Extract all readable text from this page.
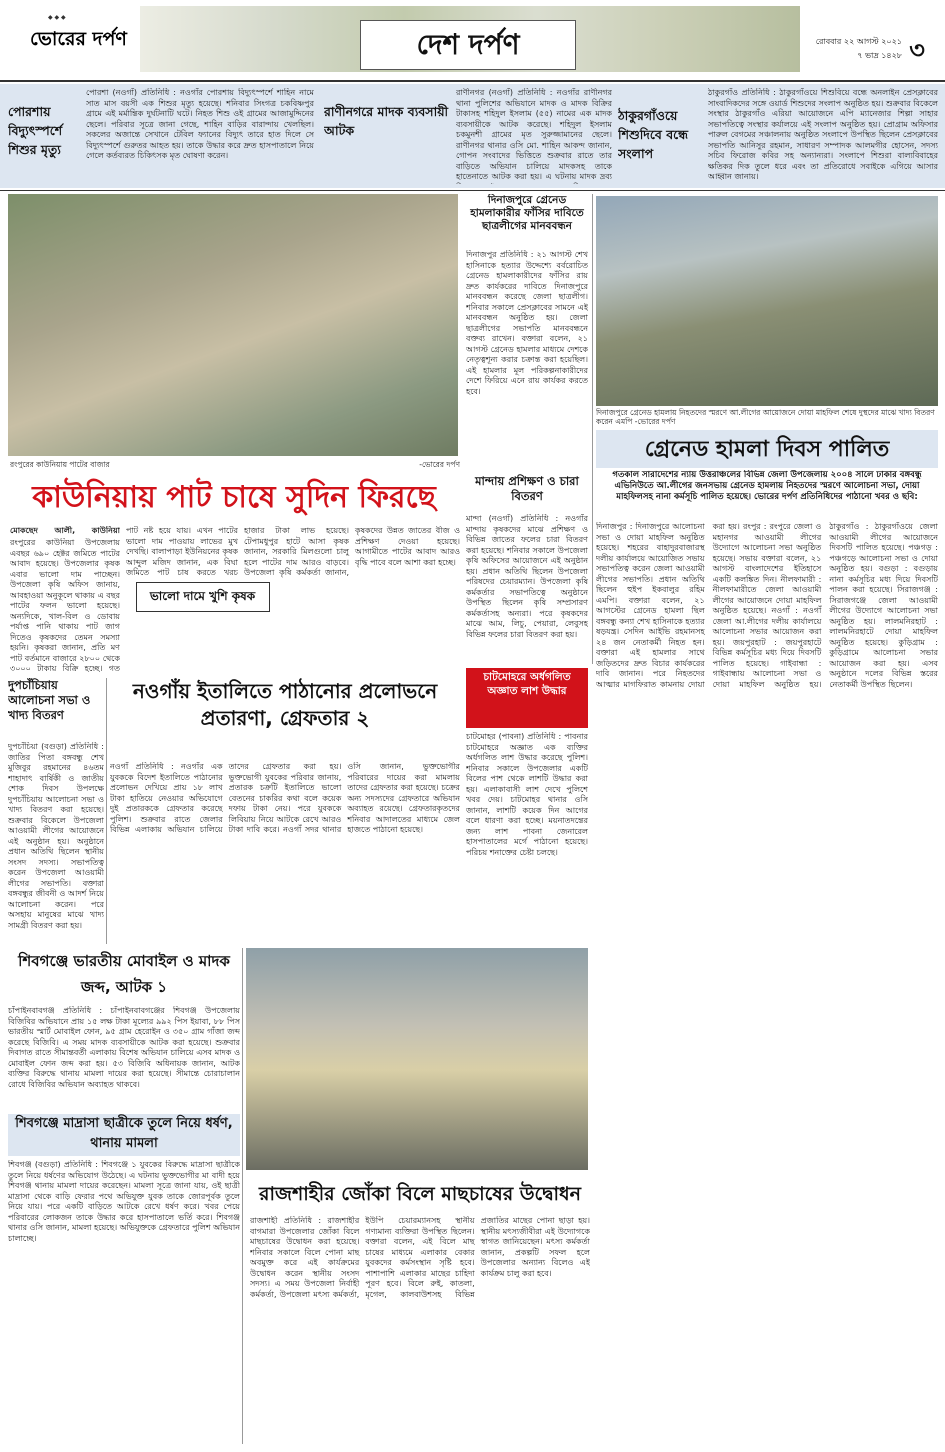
◆ ◆ ◆
ভোরের দর্পণ	দেশ দর্পণ	রোববার ২২ আগস্ট ২০২১
৭ ভাদ্র ১৪২৮ ৩
পোরশায় বিদ্যুৎস্পর্শে শিশুর মৃত্যু
পোরশা (নওগাঁ) প্রতিনিধি : নওগাঁর পোরশায় বিদ্যুৎস্পর্শে শাহিন নামে সাত মাস বয়সী এক শিশুর মৃত্যু হয়েছে। শনিবার সিংগত্র চকবিষ্ণপুর গ্রামে এই মর্মান্তিক দুর্ঘটনাটি ঘটে। নিহত শিশু ওই গ্রামের আজামুদ্দিনের ছেলে। পরিবার সূত্রে জানা গেছে, শাহিন বাড়ির বারান্দায় খেলছিল। সকলের অজান্তে সেখানে টেবিল ফ্যানের বিদ্যুৎ তারে হাত দিলে সে বিদ্যুৎস্পর্শে গুরুতর আহত হয়। তাকে উদ্ধার করে দ্রুত হাসপাতালে নিয়ে গেলে কর্তব্যরত চিকিৎসক মৃত ঘোষণা করেন।
রাণীনগরে মাদক ব্যবসায়ী আটক
রাণীনগর (নওগাঁ) প্রতিনিধি : নওগাঁর রাণীনগর থানা পুলিশের অভিযানে মাদক ও মাদক বিক্রির টাকাসহ শহিদুল ইসলাম (৫৫) নামের এক মাদক ব্যবসায়ীকে আটক করেছে। শহিদুল ইসলাম চকমুনশী গ্রামের মৃত সুরুজ্জামানের ছেলে। রাণীনগর থানার ওসি মো. শাহিন আকন্দ জানান, গোপন সংবাদের ভিত্তিতে শুক্রবার রাতে তার বাড়িতে অভিযান চালিয়ে মাদকসহ তাকে হাতেনাতে আটক করা হয়। এ ঘটনায় মাদক দ্রব্য
ঠাকুরগাঁওয়ে শিশুদিবে বন্ধে সংলাপ
ঠাকুরগাঁও প্রতিনিধি : ঠাকুরগাঁওয়ে শিশুবিয়ে বন্ধে অনলাইন প্রেসক্লাবের সাংবাদিকদের সঙ্গে ওয়ার্ড শিশুদের সংলাপ অনুষ্ঠিত হয়। শুক্রবার বিকেলে সংস্থার ঠাকুরগাঁও এরিয়া আয়োজনে এপি ম্যানেজার শিল্পা সাহার সভাপতিত্বে সংস্থার কর্যালয়ে এই সংলাপ অনুষ্ঠিত হয়। প্রোগ্রাম অফিসার পারুল বেগমের সঞ্চালনায় অনুষ্ঠিত সংলাপে উপস্থিত ছিলেন প্রেসক্লাবের সভাপতি আনিসুর রহমান, সাধারণ সম্পাদক আলমগীর হোসেন, সদস্য সচিব ফিরোজ কবির সহ অন্যান্যরা। সংলাপে শিশুরা বাল্যবিবাহের ক্ষতিকর দিক তুলে ধরে এবং তা প্রতিরোধে সবাইকে এগিয়ে আসার আহ্বান জানায়।
রংপুরের কাউনিয়ায় পাটের বাজার	-ভোরের দর্পণ
দিনাজপুরে গ্রেনেড হামলাকারীর ফাঁসির দাবিতে ছাত্রলীগের মানববন্ধন
দিনাজপুর প্রতিনিধি : ২১ আগস্ট শেখ হাসিনাকে হত্যার উদ্দেশ্যে বর্বরোচিত গ্রেনেড হামলাকারীদের ফাঁসির রায় দ্রুত কার্যকরের দাবিতে দিনাজপুরে মানববন্ধন করেছে জেলা ছাত্রলীগ। শনিবার সকালে প্রেসক্লাবের সামনে এই মানববন্ধন অনুষ্ঠিত হয়। জেলা ছাত্রলীগের সভাপতি মানববন্ধনে বক্তব্য রাখেন। বক্তারা বলেন, ২১ আগস্ট গ্রেনেড হামলার মাধ্যমে দেশকে নেতৃত্বশূন্য করার চক্রান্ত করা হয়েছিল। এই হামলার মূল পরিকল্পনাকারীদের দেশে ফিরিয়ে এনে রায় কার্যকর করতে হবে।
দিনাজপুরে গ্রেনেড হামলায় নিহতদের স্মরণে আ.লীগের আয়োজনে দোয়া মাহফিল শেষে দুস্থদের মাঝে খাদ্য বিতরণ করেন এমপি -ভোরের দর্পণ
গ্রেনেড হামলা দিবস পালিত
গতকাল সারাদেশের ন্যায় উত্তরাঞ্চলের বিভিন্ন জেলা উপজেলায় ২০০৪ সালে ঢাকার বঙ্গবন্ধু এভিনিউতে আ.লীগের জনসভায় গ্রেনেড হামলায় নিহতদের স্মরণে আলোচনা সভা, দোয়া মাহফিলসহ নানা কর্মসূচি পালিত হয়েছে। ভোরের দর্পণ প্রতিনিধিদের পাঠানো খবর ও ছবি:
দিনাজপুর : দিনাজপুরে আলোচনা সভা ও দোয়া মাহফিল অনুষ্ঠিত হয়েছে। শহরের বাহাদুরবাজারস্থ দলীয় কার্যালয়ে আয়োজিত সভায় সভাপতিত্ব করেন জেলা আওয়ামী লীগের সভাপতি। প্রধান অতিথি ছিলেন হুইপ ইকবালুর রহিম এমপি। বক্তারা বলেন, ২১ আগস্টের গ্রেনেড হামলা ছিল বঙ্গবন্ধু কন্যা শেখ হাসিনাকে হত্যার ষড়যন্ত্র। সেদিন আইভি রহমানসহ ২৪ জন নেতাকর্মী নিহত হন। বক্তারা এই হামলার সাথে জড়িতদের দ্রুত বিচার কার্যকরের দাবি জানান। পরে নিহতদের আত্মার মাগফিরাত কামনায় দোয়া করা হয়। রংপুর : রংপুরে জেলা ও মহানগর আওয়ামী লীগের উদ্যোগে আলোচনা সভা অনুষ্ঠিত হয়েছে। সভায় বক্তারা বলেন, ২১ আগস্ট বাংলাদেশের ইতিহাসে একটি কলঙ্কিত দিন। নীলফামারী : নীলফামারীতে জেলা আওয়ামী লীগের আয়োজনে দোয়া মাহফিল অনুষ্ঠিত হয়েছে। নওগাঁ : নওগাঁ জেলা আ.লীগের দলীয় কার্যালয়ে আলোচনা সভার আয়োজন করা হয়। জয়পুরহাট : জয়পুরহাটে বিভিন্ন কর্মসূচির মধ্য দিয়ে দিবসটি পালিত হয়েছে। গাইবান্ধা : গাইবান্ধায় আলোচনা সভা ও দোয়া মাহফিল অনুষ্ঠিত হয়। ঠাকুরগাঁও : ঠাকুরগাঁওয়ে জেলা আওয়ামী লীগের আয়োজনে দিবসটি পালিত হয়েছে। পঞ্চগড় : পঞ্চগড়ে আলোচনা সভা ও দোয়া অনুষ্ঠিত হয়। বগুড়া : বগুড়ায় নানা কর্মসূচির মধ্য দিয়ে দিবসটি পালন করা হয়েছে। সিরাজগঞ্জ : সিরাজগঞ্জে জেলা আওয়ামী লীগের উদ্যোগে আলোচনা সভা অনুষ্ঠিত হয়। লালমনিরহাট : লালমনিরহাটে দোয়া মাহফিল অনুষ্ঠিত হয়েছে। কুড়িগ্রাম : কুড়িগ্রামে আলোচনা সভার আয়োজন করা হয়। এসব অনুষ্ঠানে দলের বিভিন্ন স্তরের নেতাকর্মী উপস্থিত ছিলেন।
কাউনিয়ায় পাট চাষে সুদিন ফিরছে	মান্দায় প্রশিক্ষণ ও চারা বিতরণ
মান্দা (নওগাঁ) প্রতিনিধি : নওগাঁর মান্দায় কৃষকদের মাঝে প্রশিক্ষণ ও বিভিন্ন জাতের ফলের চারা বিতরণ করা হয়েছে। শনিবার সকালে উপজেলা কৃষি অফিসের আয়োজনে এই অনুষ্ঠান হয়। প্রধান অতিথি ছিলেন উপজেলা পরিষদের চেয়ারম্যান। উপজেলা কৃষি কর্মকর্তার সভাপতিত্বে অনুষ্ঠানে উপস্থিত ছিলেন কৃষি সম্প্রসারণ কর্মকর্তাসহ অন্যরা। পরে কৃষকদের মাঝে আম, লিচু, পেয়ারা, লেবুসহ বিভিন্ন ফলের চারা বিতরণ করা হয়।
মোকছেদ আলী, কাউনিয়া
রংপুরের কাউনিয়া উপজেলায় এবছর ৬৯০ হেক্টর জমিতে পাটের আবাদ হয়েছে। উপজেলার কৃষক এবার ভালো দাম পাচ্ছেন। উপজেলা কৃষি অফিস জানায়, আবহাওয়া অনুকূলে থাকায় এ বছর পাটের ফলন ভালো হয়েছে। অন্যদিকে, খাল-বিল ও ডোবায় পর্যাপ্ত পানি থাকায় পাট জাগ দিতেও কৃষকদের তেমন সমস্যা হয়নি। কৃষকরা জানান, প্রতি মণ পাট বর্তমানে বাজারে ২৮০০ থেকে ৩০০০ টাকায় বিক্রি হচ্ছে। গত
পাট নষ্ট হয়ে যায়। এখন পাটের ভালো দাম পাওয়ায় লাভের মুখ দেখছি। বালাপাড়া ইউনিয়নের কৃষক আব্দুল মজিদ জানান, এক বিঘা জমিতে পাট চাষ করতে খরচ
ভালো দামে খুশি কৃষক
হাজার টাকা লাভ হয়েছে। টেপামধুপুর হাটে আসা কৃষক জানান, সরকারি মিলগুলো চালু হলে পাটের দাম আরও বাড়বে। উপজেলা কৃষি কর্মকর্তা জানান, কৃষকদের উন্নত জাতের বীজ ও প্রশিক্ষণ দেওয়া হয়েছে। আগামীতে পাটের আবাদ আরও বৃদ্ধি পাবে বলে আশা করা হচ্ছে।
চাটমোহরে অর্ধগলিত অজ্ঞাত লাশ উদ্ধার
চাটমোহর (পাবনা) প্রতিনিধি : পাবনার চাটমোহরে অজ্ঞাত এক ব্যক্তির অর্ধগলিত লাশ উদ্ধার করেছে পুলিশ। শনিবার সকালে উপজেলার একটি বিলের পাশ থেকে লাশটি উদ্ধার করা হয়। এলাকাবাসী লাশ দেখে পুলিশে খবর দেয়। চাটমোহর থানার ওসি জানান, লাশটি কয়েক দিন আগের বলে ধারণা করা হচ্ছে। ময়নাতদন্তের জন্য লাশ পাবনা জেনারেল হাসপাতালের মর্গে পাঠানো হয়েছে। পরিচয় শনাক্তের চেষ্টা চলছে।
দুপচাঁচিয়ায় আলোচনা সভা ও খাদ্য বিতরণ
দুপচাঁচিয়া (বগুড়া) প্রতিনিধি : জাতির পিতা বঙ্গবন্ধু শেখ মুজিবুর রহমানের ৪৬তম শাহাদাৎ বার্ষিকী ও জাতীয় শোক দিবস উপলক্ষে দুপচাঁচিয়ায় আলোচনা সভা ও খাদ্য বিতরণ করা হয়েছে। শুক্রবার বিকেলে উপজেলা আওয়ামী লীগের আয়োজনে এই অনুষ্ঠান হয়। অনুষ্ঠানে প্রধান অতিথি ছিলেন স্থানীয় সংসদ সদস্য। সভাপতিত্ব করেন উপজেলা আওয়ামী লীগের সভাপতি। বক্তারা বঙ্গবন্ধুর জীবনী ও আদর্শ নিয়ে আলোচনা করেন। পরে অসহায় মানুষের মাঝে খাদ্য সামগ্রী বিতরণ করা হয়।
নওগাঁয় ইতালিতে পাঠানোর প্রলোভনে প্রতারণা, গ্রেফতার ২
নওগাঁ প্রতিনিধি : নওগাঁর এক যুবককে বিদেশ ইতালিতে পাঠানোর প্রলোভন দেখিয়ে প্রায় ১৮ লাখ টাকা হাতিয়ে নেওয়ার অভিযোগে দুই প্রতারককে গ্রেফতার করেছে পুলিশ। শুক্রবার রাতে জেলার বিভিন্ন এলাকায় অভিযান চালিয়ে তাদের গ্রেফতার করা হয়। ভুক্তভোগী যুবকের পরিবার জানায়, প্রতারক চক্রটি ইতালিতে ভালো বেতনের চাকরির কথা বলে কয়েক দফায় টাকা নেয়। পরে যুবককে লিবিয়ায় নিয়ে আটকে রেখে আরও টাকা দাবি করে। নওগাঁ সদর থানার ওসি জানান, ভুক্তভোগীর পরিবারের দায়ের করা মামলায় তাদের গ্রেফতার করা হয়েছে। চক্রের অন্য সদস্যদের গ্রেফতারে অভিযান অব্যাহত রয়েছে। গ্রেফতারকৃতদের শনিবার আদালতের মাধ্যমে জেল হাজতে পাঠানো হয়েছে।
শিবগঞ্জে ভারতীয় মোবাইল ও মাদক জব্দ, আটক ১
চাঁপাইনবাবগঞ্জ প্রতিনিধি : চাঁপাইনবাবগঞ্জের শিবগঞ্জ উপজেলায় বিজিবির অভিযানে প্রায় ১৫ লক্ষ টাকা মূল্যের ৯৯২ পিস ইয়াবা, ৮৮ পিস ভারতীয় স্মার্ট মোবাইল ফোন, ৯৫ গ্রাম হেরোইন ও ৩৫০ গ্রাম গাঁজা জব্দ করেছে বিজিবি। এ সময় মাদক ব্যবসায়ীকে আটক করা হয়েছে। শুক্রবার দিবাগত রাতে সীমান্তবর্তী এলাকায় বিশেষ অভিযান চালিয়ে এসব মাদক ও মোবাইল ফোন জব্দ করা হয়। ৫৩ বিজিবি অধিনায়ক জানান, আটক ব্যক্তির বিরুদ্ধে থানায় মামলা দায়ের করা হয়েছে। সীমান্তে চোরাচালান রোধে বিজিবির অভিযান অব্যাহত থাকবে।
শিবগঞ্জে মাদ্রাসা ছাত্রীকে তুলে নিয়ে ধর্ষণ, থানায় মামলা
শিবগঞ্জ (বগুড়া) প্রতিনিধি : শিবগঞ্জে ১ যুবকের বিরুদ্ধে মাদ্রাসা ছাত্রীকে তুলে নিয়ে ধর্ষণের অভিযোগ উঠেছে। এ ঘটনায় ভুক্তভোগীর মা বাদী হয়ে শিবগঞ্জ থানায় মামলা দায়ের করেছেন। মামলা সূত্রে জানা যায়, ওই ছাত্রী মাদ্রাসা থেকে বাড়ি ফেরার পথে অভিযুক্ত যুবক তাকে জোরপূর্বক তুলে নিয়ে যায়। পরে একটি বাড়িতে আটকে রেখে ধর্ষণ করে। খবর পেয়ে পরিবারের লোকজন তাকে উদ্ধার করে হাসপাতালে ভর্তি করে। শিবগঞ্জ থানার ওসি জানান, মামলা হয়েছে। অভিযুক্তকে গ্রেফতারে পুলিশ অভিযান চালাচ্ছে।
রাজশাহীর জোঁকা বিলে মাছচাষের উদ্বোধন
রাজশাহী প্রতিনিধি : রাজশাহীর বাগমারা উপজেলার জোঁকা বিলে মাছচাষের উদ্বোধন করা হয়েছে। শনিবার সকালে বিলে পোনা মাছ অবমুক্ত করে এই কার্যক্রমের উদ্বোধন করেন স্থানীয় সংসদ সদস্য। এ সময় উপজেলা নির্বাহী কর্মকর্তা, উপজেলা মৎস্য কর্মকর্তা, ইউপি চেয়ারম্যানসহ স্থানীয় গণ্যমান্য ব্যক্তিরা উপস্থিত ছিলেন। বক্তারা বলেন, এই বিলে মাছ চাষের মাধ্যমে এলাকার বেকার যুবকদের কর্মসংস্থান সৃষ্টি হবে। পাশাপাশি এলাকার মাছের চাহিদা পূরণ হবে। বিলে রুই, কাতলা, মৃগেল, কালবাউশসহ বিভিন্ন প্রজাতির মাছের পোনা ছাড়া হয়। স্থানীয় মৎস্যজীবীরা এই উদ্যোগকে স্বাগত জানিয়েছেন। মৎস্য কর্মকর্তা জানান, প্রকল্পটি সফল হলে উপজেলার অন্যান্য বিলেও এই কার্যক্রম চালু করা হবে।
